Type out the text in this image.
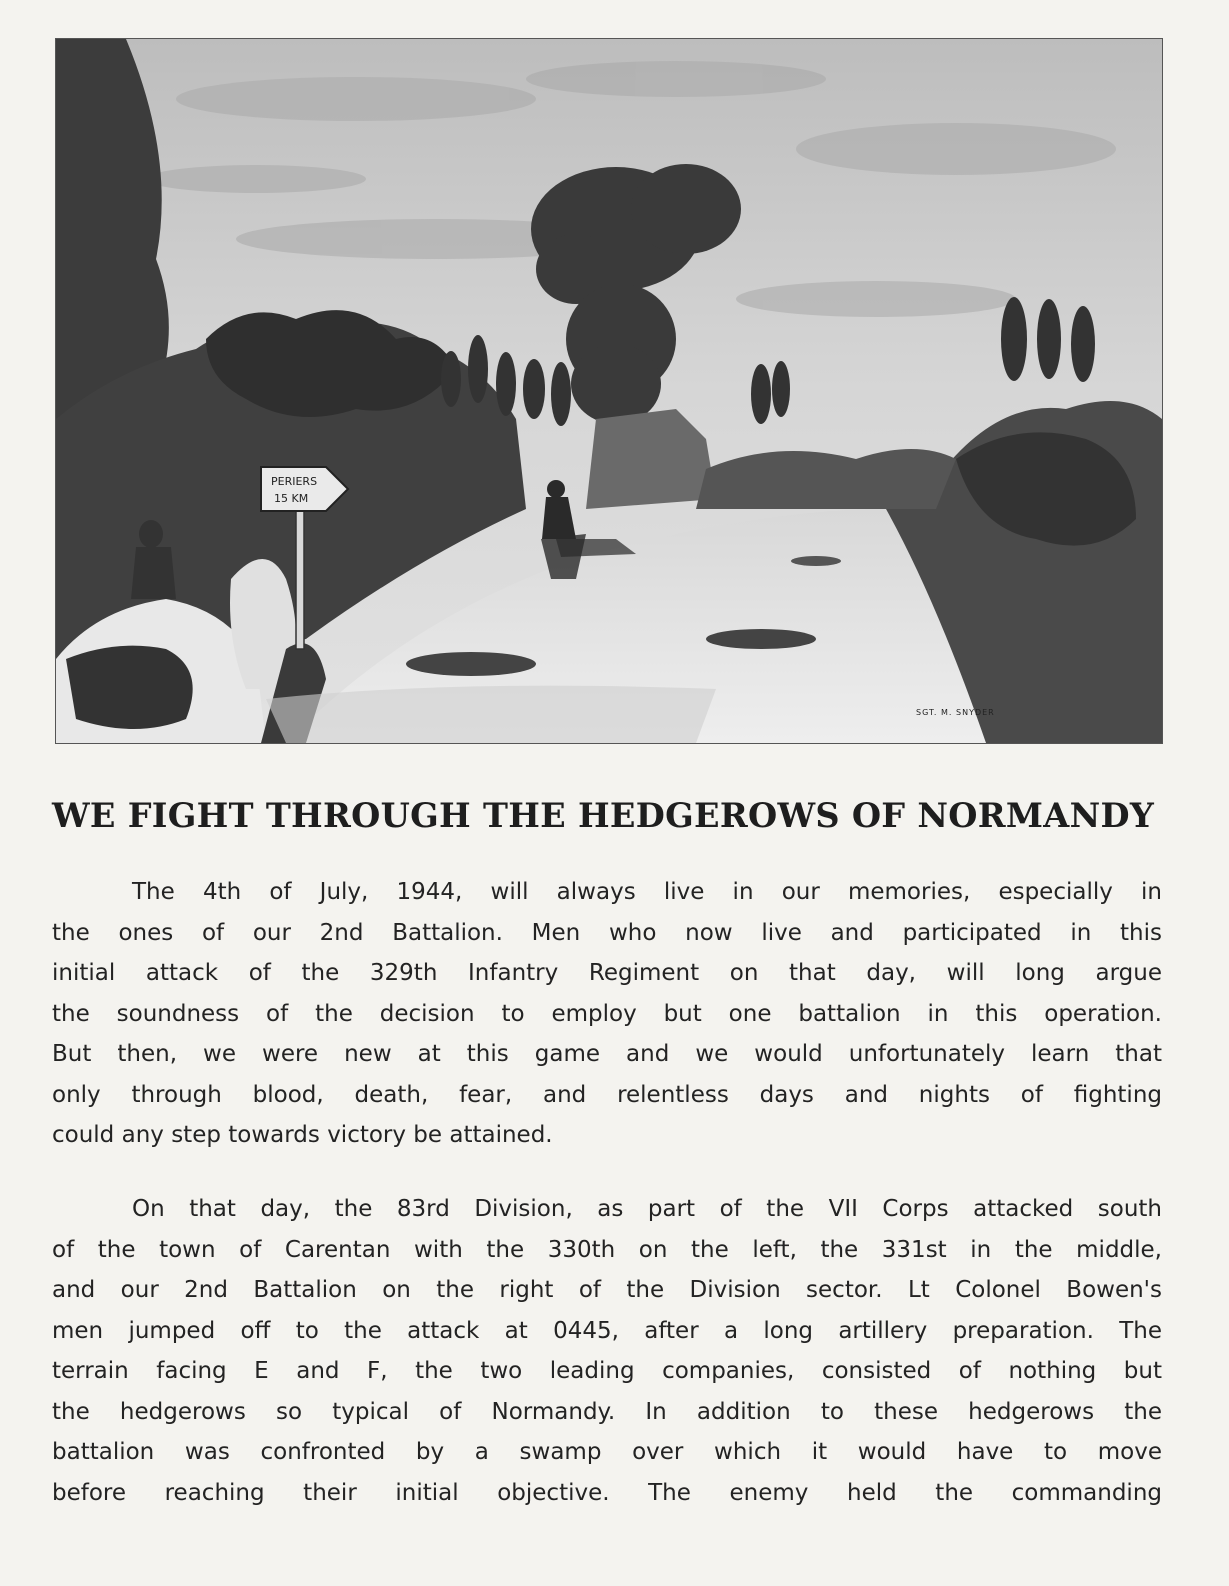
PERIERS
15 KM
SGT. M. SNYDER
WE FIGHT THROUGH THE HEDGEROWS OF NORMANDY

The 4th of July, 1944, will always live in our memories, especially in
the ones of our 2nd Battalion. Men who now live and participated in this
initial attack of the 329th Infantry Regiment on that day, will long argue
the soundness of the decision to employ but one battalion in this operation.
But then, we were new at this game and we would unfortunately learn that
only through blood, death, fear, and relentless days and nights of fighting
could any step towards victory be attained.

On that day, the 83rd Division, as part of the VII Corps attacked south
of the town of Carentan with the 330th on the left, the 331st in the middle,
and our 2nd Battalion on the right of the Division sector. Lt Colonel Bowen's
men jumped off to the attack at 0445, after a long artillery preparation. The
terrain facing E and F, the two leading companies, consisted of nothing but
the hedgerows so typical of Normandy. In addition to these hedgerows the
battalion was confronted by a swamp over which it would have to move
before reaching their initial objective. The enemy held the commanding
